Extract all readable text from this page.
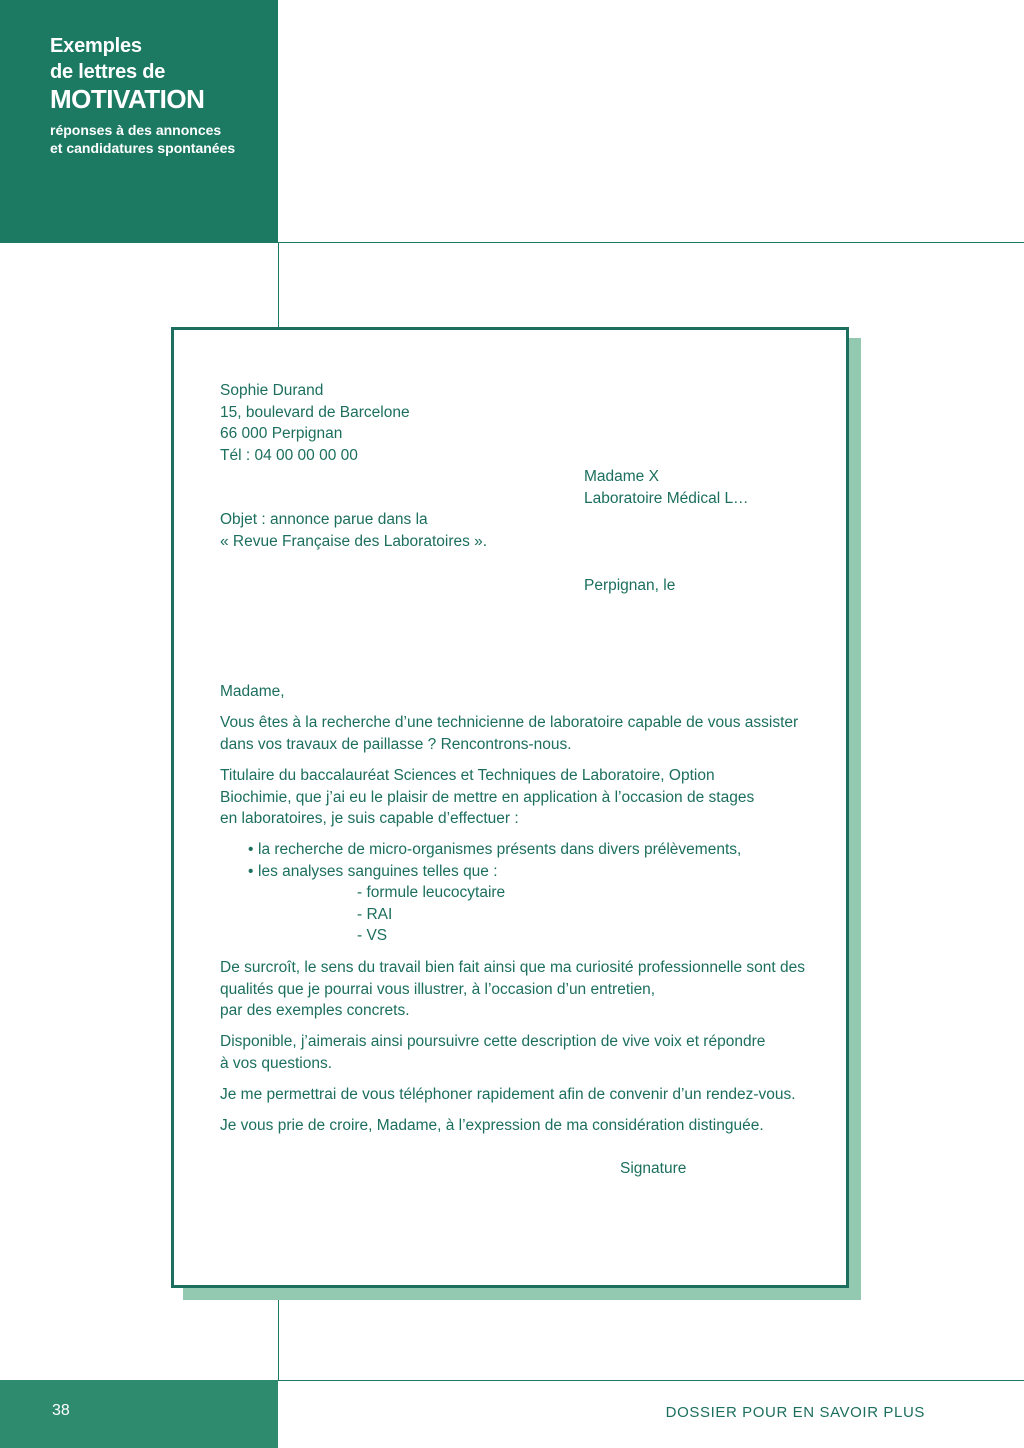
Exemples
de lettres de
MOTIVATION
réponses à des annonces
et candidatures spontanées
Sophie Durand
15, boulevard de Barcelone
66 000 Perpignan
Tél : 04 00 00 00 00
Madame X
Laboratoire Médical L…
Objet : annonce parue dans la
« Revue Française des Laboratoires ».
Perpignan, le
Madame,
Vous êtes à la recherche d’une technicienne de laboratoire capable de vous assister
dans vos travaux de paillasse ? Rencontrons-nous.
Titulaire du baccalauréat Sciences et Techniques de Laboratoire, Option
Biochimie, que j’ai eu le plaisir de mettre en application à l’occasion de stages
en laboratoires, je suis capable d’effectuer :
• la recherche de micro-organismes présents dans divers prélèvements,
• les analyses sanguines telles que :
- formule leucocytaire
- RAI
- VS
De surcroît, le sens du travail bien fait ainsi que ma curiosité professionnelle sont des
qualités que je pourrai vous illustrer, à l’occasion d’un entretien,
par des exemples concrets.
Disponible, j’aimerais ainsi poursuivre cette description de vive voix et répondre
à vos questions.
Je me permettrai de vous téléphoner rapidement afin de convenir d’un rendez-vous.
Je vous prie de croire, Madame, à l’expression de ma considération distinguée.
Signature
38	DOSSIER POUR EN SAVOIR PLUS
